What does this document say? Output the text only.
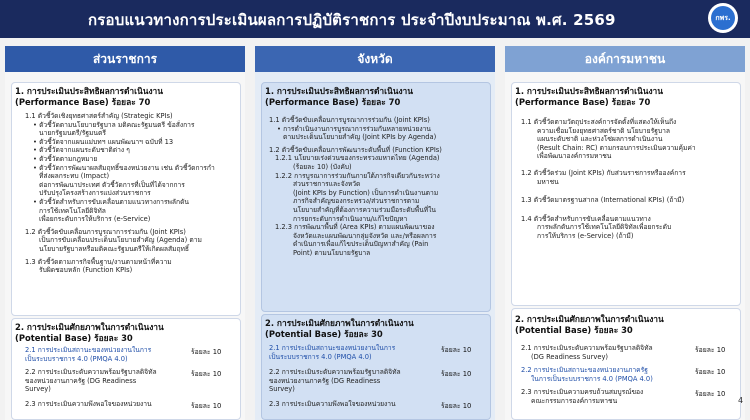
กรอบแนวทางการประเมินผลการปฏิบัติราชการ ประจำปีงบประมาณ พ.ศ. 2569	กพร.
ส่วนราชการ
1. การประเมินประสิทธิผลการดำเนินงาน
(Performance Base) ร้อยละ 70
1.1 ตัวชี้วัดเชิงยุทธศาสตร์สำคัญ (Strategic KPIs)
• ตัวชี้วัดตามนโยบายรัฐบาล มติคณะรัฐมนตรี ข้อสั่งการ
นายกรัฐมนตรี/รัฐมนตรี
• ตัวชี้วัดจากแผนแม่บทฯ แผนพัฒนาฯ ฉบับที่ 13
• ตัวชี้วัดจากแผนระดับชาติต่าง ๆ
• ตัวชี้วัดตามกฎหมาย
• ตัวชี้วัดการพัฒนาผลสัมฤทธิ์ของหน่วยงาน เช่น ตัวชี้วัดการกำ
ที่ส่งผลกระทบ (Impact)
ต่อการพัฒนาประเทศ ตัวชี้วัดการที่เป็นที่ได้จากการ
ปรับปรุงโครงสร้างการแบ่งส่วนราชการ
• ตัวชี้วัดสำหรับการขับเคลื่อนตามแนวทางการพลักดัน
การใช้เทคโนโลยีดิจิทัล
เพื่อยกระดับการให้บริการ (e-Service)
1.2 ตัวชี้วัดขับเคลื่อนการบูรณาการร่วมกัน (Joint KPIs)
เป็นการขับเคลื่อนประเด็นนโยบายสำคัญ (Agenda) ตาม
นโยบายรัฐบาลหรือมติคณะรัฐมนตรีให้เกิดผลสัมฤทธิ์
1.3 ตัวชี้วัดตามภารกิจพื้นฐาน/งานตามหน้าที่ความ
รับผิดชอบหลัก (Function KPIs)
2. การประเมินศักยภาพในการดำเนินงาน
(Potential Base) ร้อยละ 30
2.1 การประเมินสถานะของหน่วยงานในการ
เป็นระบบราชการ 4.0 (PMQA 4.0)
ร้อยละ 10
2.2 การประเมินระดับความพร้อมรัฐบาลดิจิทัล
ของหน่วยงานภาครัฐ (DG Readiness
Survey)
ร้อยละ 10
2.3 การประเมินความพึงพอใจของหน่วยงาน	ร้อยละ 10
จังหวัด
1. การประเมินประสิทธิผลการดำเนินงาน
(Performance Base) ร้อยละ 70
1.1 ตัวชี้วัดขับเคลื่อนการบูรณาการร่วมกัน (Joint KPIs)
• การดำเนินงานการบูรณาการร่วมกันหลายหน่วยงาน
ตามประเด็นนโยบายสำคัญ (Joint KPIs by Agenda)
1.2 ตัวชี้วัดขับเคลื่อนการพัฒนาระดับพื้นที่ (Function KPIs)
1.2.1 นโยบายเร่งด่วนของกระทรวงมหาดไทย (Agenda)
(ร้อยละ 10) (บังคับ)
1.2.2 การบูรณาการร่วมกันภายใต้ภารกิจเดียวกันระหว่าง
ส่วนราชการและจังหวัด
(Joint KPIs by Function) เป็นการดำเนินงานตาม
ภารกิจสำคัญของกระทรวง/ส่วนราชการตาม
นโยบายสำคัญที่ต้องการความร่วมมือระดับพื้นที่ใน
การยกระดับการดำเนินงาน/แก้ไขปัญหา
1.2.3 การพัฒนาพื้นที่ (Area KPIs) ตามแผนพัฒนาของ
จังหวัดและแผนพัฒนากลุ่มจังหวัด และ/หรือผลการ
ดำเนินการเพื่อแก้ไขประเด็นปัญหาสำคัญ (Pain
Point) ตามนโยบายรัฐบาล
2. การประเมินศักยภาพในการดำเนินงาน
(Potential Base) ร้อยละ 30
2.1 การประเมินสถานะของหน่วยงานในการ
เป็นระบบราชการ 4.0 (PMQA 4.0)
ร้อยละ 10
2.2 การประเมินระดับความพร้อมรัฐบาลดิจิทัล
ของหน่วยงานภาครัฐ (DG Readiness
Survey)
ร้อยละ 10
2.3 การประเมินความพึงพอใจของหน่วยงาน	ร้อยละ 10
องค์การมหาชน
1. การประเมินประสิทธิผลการดำเนินงาน
(Performance Base) ร้อยละ 70
1.1 ตัวชี้วัดตามวัตถุประสงค์การจัดตั้งที่แสดงให้เห็นถึง
ความเชื่อมโยงยุทธศาสตร์ชาติ นโยบายรัฐบาล
แผนระดับชาติ และห่วงโซ่ผลการดำเนินงาน
(Result Chain: RC) ตามกรอบการประเมินความคุ้มค่า
เพื่อพัฒนาองค์การมหาชน
1.2 ตัวชี้วัดร่วม (Joint KPIs) กับส่วนราชการหรือองค์การ
มหาชน
1.3 ตัวชี้วัดมาตรฐานสากล (International KPIs) (ถ้ามี)
1.4 ตัวชี้วัดสำหรับการขับเคลื่อนตามแนวทาง
การพลักดันการใช้เทคโนโลยีดิจิทัลเพื่อยกระดับ
การให้บริการ (e-Service) (ถ้ามี)
2. การประเมินศักยภาพในการดำเนินงาน
(Potential Base) ร้อยละ 30
2.1 การประเมินระดับความพร้อมรัฐบาลดิจิทัล
(DG Readiness Survey)
ร้อยละ 10
2.2 การประเมินสถานะของหน่วยงานภาครัฐ
ในการเป็นระบบราชการ 4.0 (PMQA 4.0)
ร้อยละ 10
2.3 การประเมินความครบถ้วนสมบูรณ์ของ
คณะกรรมการองค์การมหาชน
ร้อยละ 10
4
